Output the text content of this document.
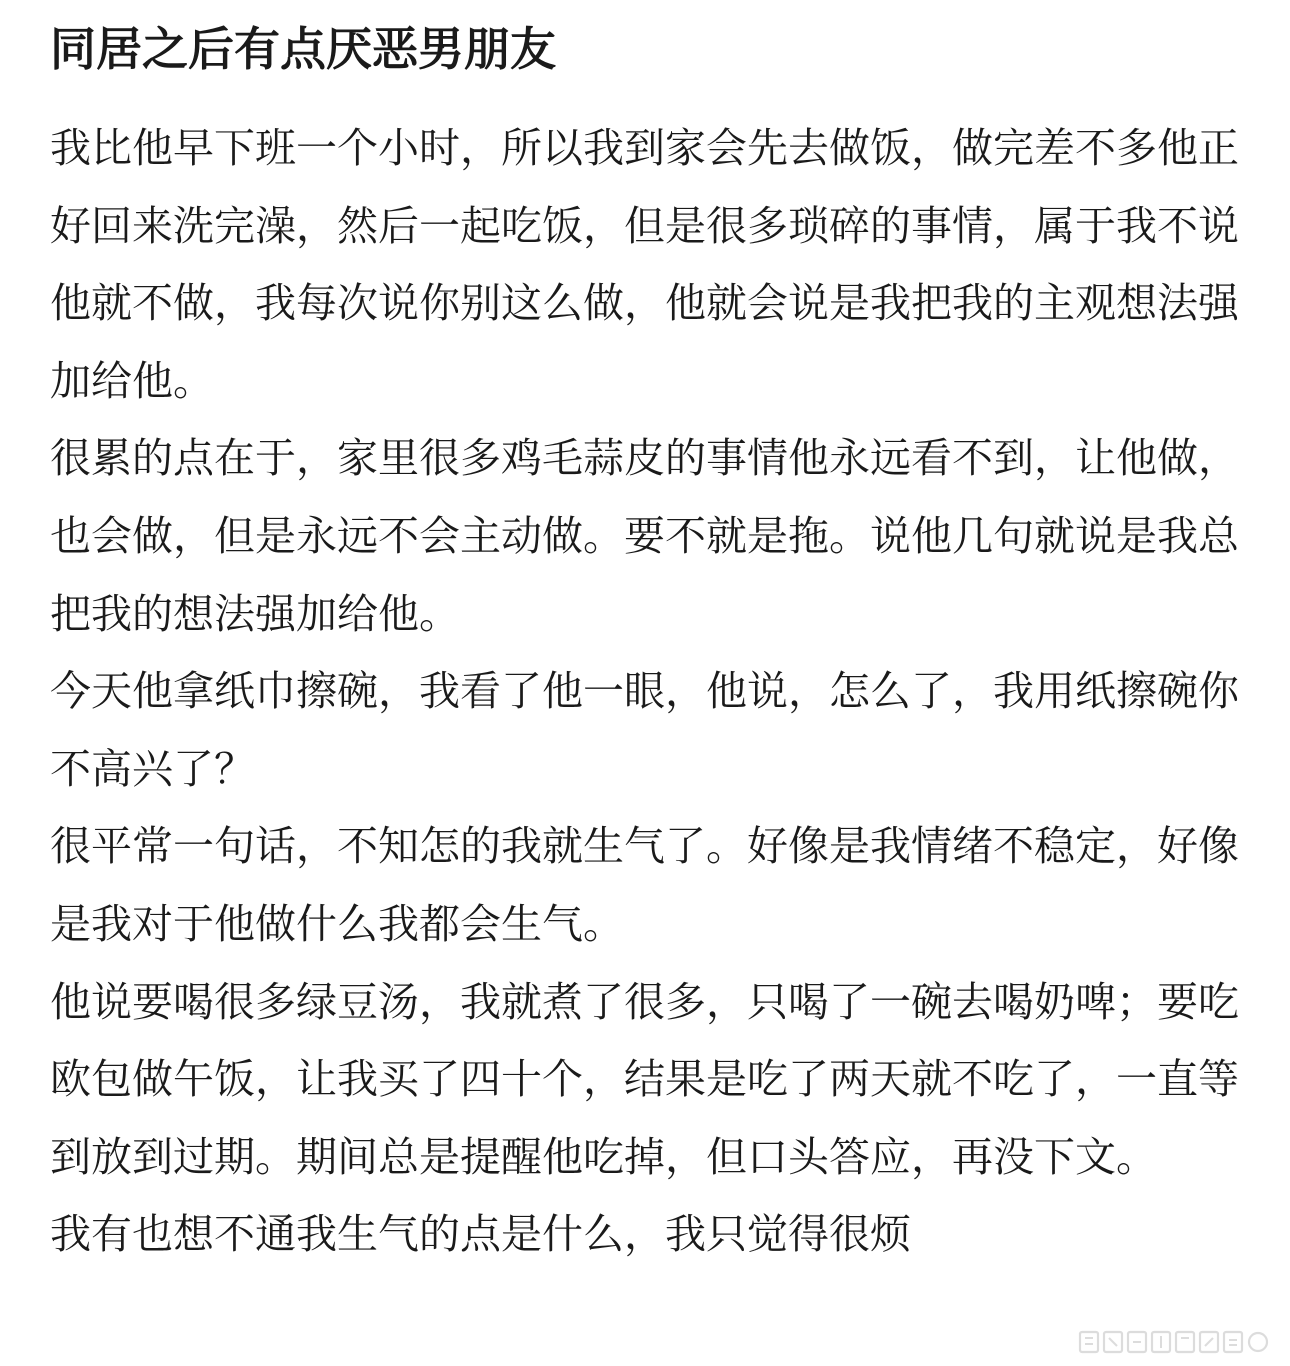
同居之后有点厌恶男朋友

我比他早下班一个小时，所以我到家会先去做饭，做完差不多他正好回来洗完澡，然后一起吃饭，但是很多琐碎的事情，属于我不说他就不做，我每次说你别这么做，他就会说是我把我的主观想法强加给他。

很累的点在于，家里很多鸡毛蒜皮的事情他永远看不到，让他做，也会做，但是永远不会主动做。要不就是拖。说他几句就说是我总把我的想法强加给他。

今天他拿纸巾擦碗，我看了他一眼，他说，怎么了，我用纸擦碗你不高兴了？

很平常一句话，不知怎的我就生气了。好像是我情绪不稳定，好像是我对于他做什么我都会生气。

他说要喝很多绿豆汤，我就煮了很多，只喝了一碗去喝奶啤；要吃欧包做午饭，让我买了四十个，结果是吃了两天就不吃了，一直等到放到过期。期间总是提醒他吃掉，但口头答应，再没下文。

我有也想不通我生气的点是什么，我只觉得很烦
